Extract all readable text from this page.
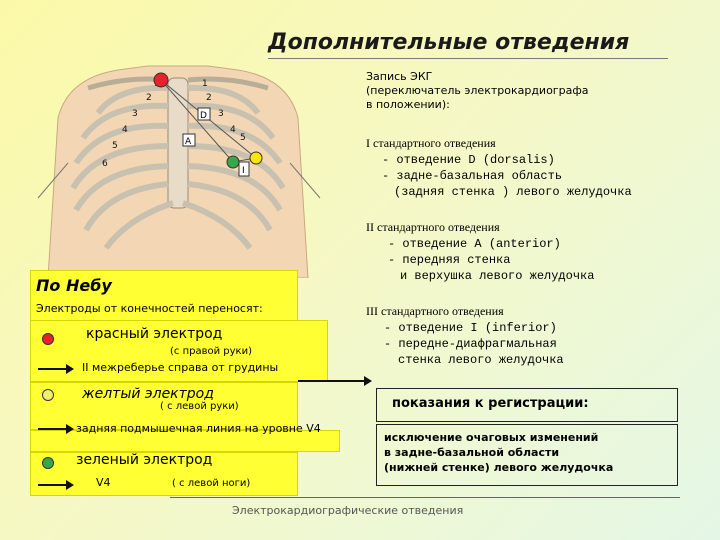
Дополнительные отведения
2
3
4
5
6
1
2
3
4
5
D
A
I
Запись ЭКГ
(переключатель электрокардиографа
в положении):
I стандартного отведения
- отведение D (dorsalis)
- задне-базальная область
(задняя стенка ) левого желудочка
II стандартного отведения
- отведение А (anterior)
- передняя стенка
и верхушка левого желудочка
III стандартного отведения
- отведение I (inferior)
- передне-диафрагмальная
стенка левого желудочка
По Небу
Электроды от конечностей переносят:
красный электрод
(с правой руки)
II межреберье справа от грудины
желтый электрод
( с левой руки)
задняя подмышечная линия на уровне V4
зеленый электрод
V4	( с левой ноги)
показания к регистрации:
исключение очаговых изменений
в задне-базальной области
(нижней стенке) левого желудочка
Электрокардиографические отведения
